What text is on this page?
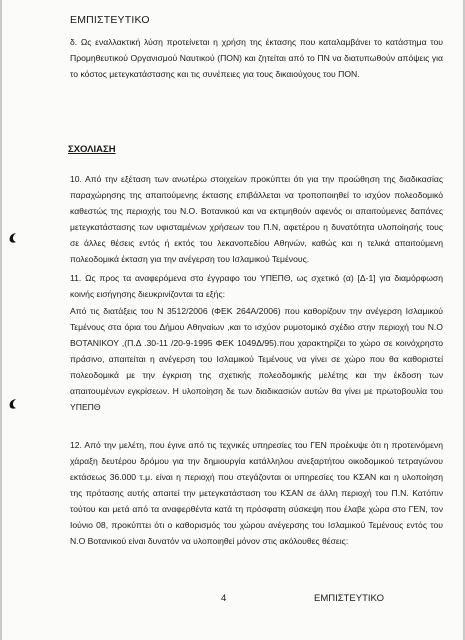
ΕΜΠΙΣΤΕΥΤΙΚΟ
δ. Ως εναλλακτική λύση προτείνεται η χρήση της έκτασης που καταλαμβάνει το κατάστημα του Προμηθευτικού Οργανισμού Ναυτικού (ΠΟΝ) και ζητείται από το ΠΝ να διατυπωθούν απόψεις για το κόστος μετεγκατάστασης και τις συνέπειες για τους δικαιούχους του ΠΟΝ.
ΣΧΟΛΙΑΣΗ
10. Από την εξέταση των ανωτέρω στοιχείων προκύπτει ότι για την προώθηση της διαδικασίας παραχώρησης της απαιτούμενης έκτασης επιβάλλεται να τροποποιηθεί το ισχύον πολεοδομικό καθεστώς της περιοχής του Ν.Ο. Βοτανικού και να εκτιμηθούν αφενός οι απαιτούμενες δαπάνες μετεγκατάστασης των υφισταμένων χρήσεων του Π.Ν, αφετέρου η δυνατότητα υλοποίησής τους σε άλλες θέσεις εντός ή εκτός του λεκανοπεδίου Αθηνών, καθώς και η τελικά απαιτούμενη πολεοδομικά έκταση για την ανέγερση του Ισλαμικού Τεμένους.
11. Ως προς τα αναφερόμενα στο έγγραφο του ΥΠΕΠΘ, ως σχετικό (α) [Δ-1] για διαμόρφωση κοινής εισήγησης διευκρινίζονται τα εξής:
Από τις διατάξεις του Ν 3512/2006 (ΦΕΚ 264Α/2006) που καθορίζουν την ανέγερση Ισλαμικού Τεμένους στα όρια του Δήμου Αθηναίων ,και το ισχύον ρυμοτομικό σχέδιο στην περιοχή του Ν.Ο ΒΟΤΑΝΙΚΟΥ ,(Π.Δ .30-11 /20-9-1995 ΦΕΚ 1049Δ/95).που χαρακτηρίζει το χώρο σε κοινόχρηστο πράσινο, απαιτείται η ανέγερση του Ισλαμικού Τεμένους να γίνει σε χώρο που θα καθοριστεί πολεοδομικά με την έγκριση της σχετικής πολεοδομικής μελέτης και την έκδοση των απαιτουμένων εγκρίσεων. Η υλοποίηση δε των διαδικασιών αυτών θα γίνει με πρωτοβουλία του ΥΠΕΠΘ
12. Από την μελέτη, που έγινε από τις τεχνικές υπηρεσίες του ΓΕΝ προέκυψε ότι η προτεινόμενη χάραξη δευτέρου δρόμου για την δημιουργία κατάλληλου ανεξαρτήτου οικοδομικού τετραγώνου εκτάσεως 36.000 τ.μ. είναι η περιοχή που στεγάζονται οι υπηρεσίες του ΚΣΑΝ και η υλοποίηση της πρότασης αυτής απαιτεί την μετεγκατάσταση του ΚΣΑΝ σε άλλη περιοχή του Π.Ν. Κατόπιν τούτου και μετά από τα αναφερθέντα κατά τη πρόσφατη σύσκεψη που έλαβε χώρα στο ΓΕΝ, τον Ιούνιο 08, προκύπτει ότι ο καθορισμός του χώρου ανέγερσης του Ισλαμικού Τεμένους εντός του Ν.Ο Βοτανικού είναι δυνατόν να υλοποιηθεί μόνον στις ακόλουθες θέσεις:
4	ΕΜΠΙΣΤΕΥΤΙΚΟ
